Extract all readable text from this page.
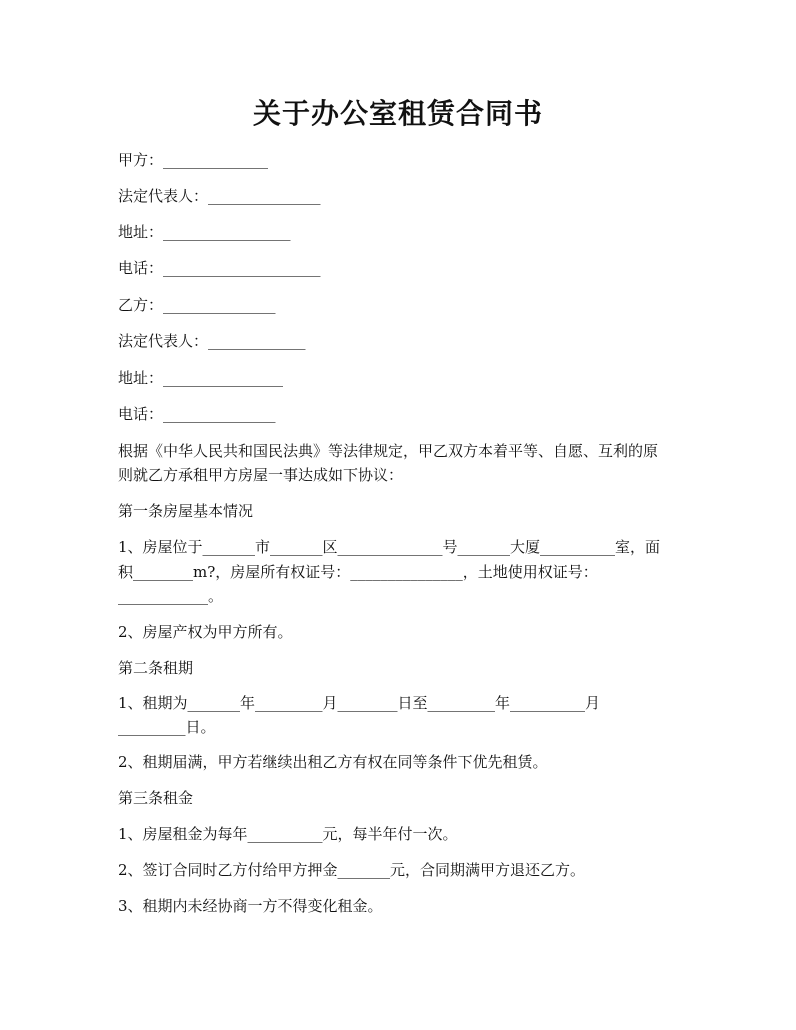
关于办公室租赁合同书
甲方：______________
法定代表人：_______________
地址：_________________
电话：_____________________
乙方：_______________
法定代表人：_____________
地址：________________
电话：_______________
根据《中华人民共和国民法典》等法律规定，甲乙双方本着平等、自愿、互利的原
则就乙方承租甲方房屋一事达成如下协议：
第一条房屋基本情况
1、房屋位于_______市_______区______________号_______大厦__________室，面
积________m?，房屋所有权证号：_______________，土地使用权证号：
____________。
2、房屋产权为甲方所有。
第二条租期
1、租期为_______年_________月________日至_________年__________月
_________日。
2、租期届满，甲方若继续出租乙方有权在同等条件下优先租赁。
第三条租金
1、房屋租金为每年__________元，每半年付一次。
2、签订合同时乙方付给甲方押金_______元，合同期满甲方退还乙方。
3、租期内未经协商一方不得变化租金。
